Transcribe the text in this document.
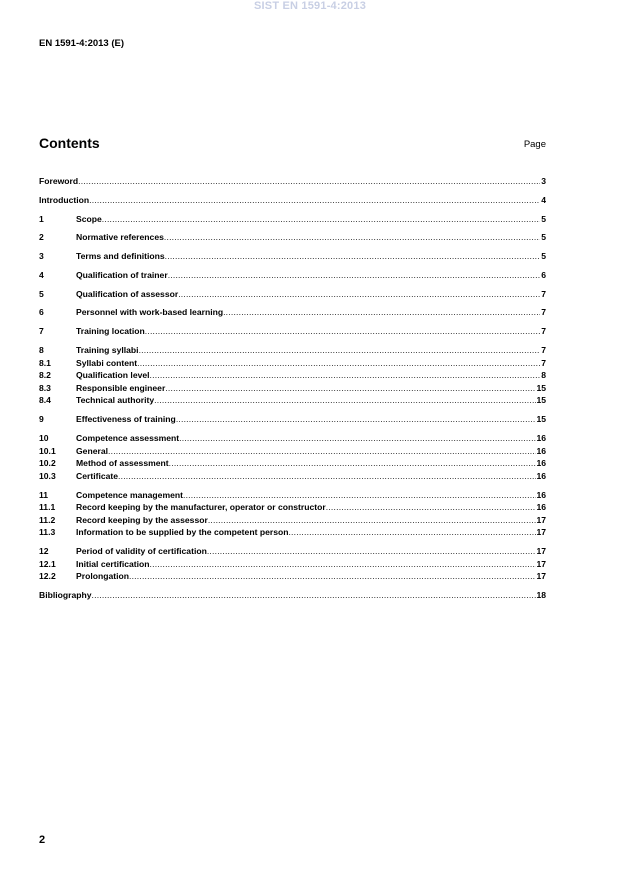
SIST EN 1591-4:2013
EN 1591-4:2013 (E)
Contents	Page
Foreword .....	3
Introduction .....	4
1	Scope .....	5
2	Normative references .....	5
3	Terms and definitions .....	5
4	Qualification of trainer .....	6
5	Qualification of assessor .....	7
6	Personnel with work-based learning .....	7
7	Training location .....	7
8	Training syllabi .....	7
8.1	Syllabi content .....	7
8.2	Qualification level .....	8
8.3	Responsible engineer .....	15
8.4	Technical authority .....	15
9	Effectiveness of training .....	15
10	Competence assessment .....	16
10.1	General .....	16
10.2	Method of assessment .....	16
10.3	Certificate .....	16
11	Competence management .....	16
11.1	Record keeping by the manufacturer, operator or constructor .....	16
11.2	Record keeping by the assessor .....	17
11.3	Information to be supplied by the competent person .....	17
12	Period of validity of certification .....	17
12.1	Initial certification .....	17
12.2	Prolongation .....	17
Bibliography .....	18
2
